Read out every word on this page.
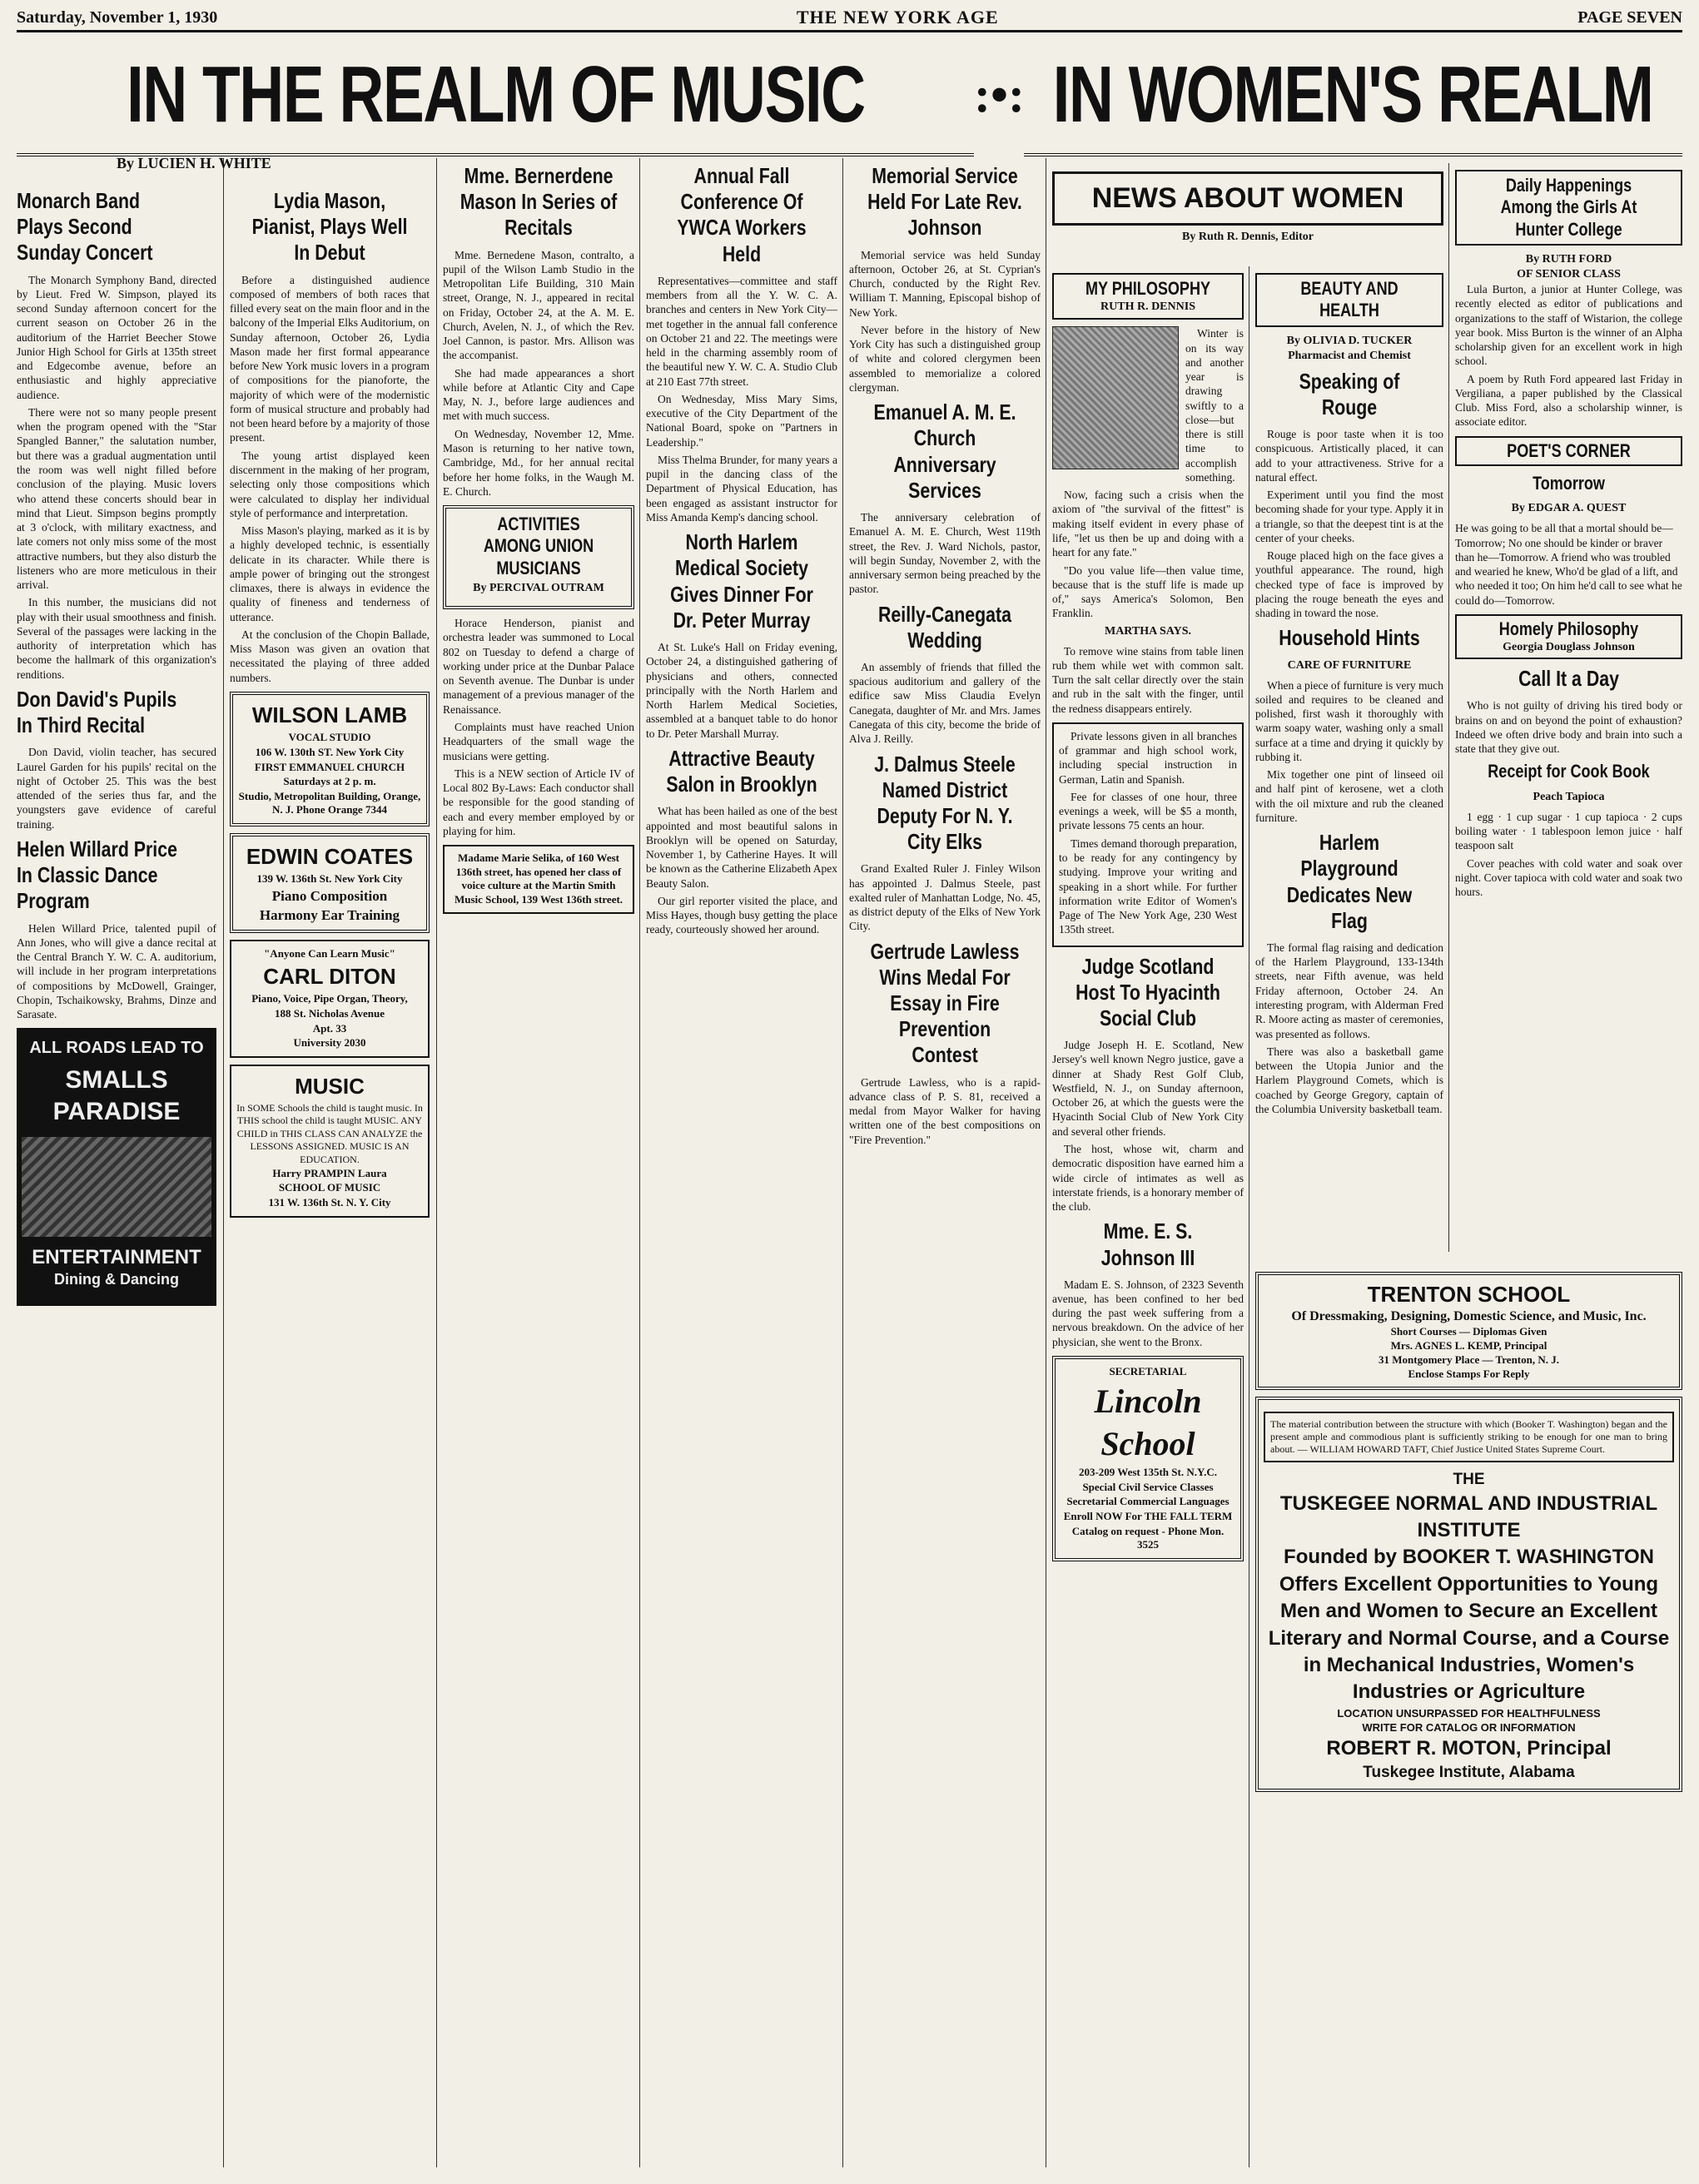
Saturday, November 1, 1930	THE NEW YORK AGE	PAGE SEVEN
IN THE REALM OF MUSIC :•: IN WOMEN'S REALM
Monarch Band Plays Second Sunday Concert

The Monarch Symphony Band, directed by Lieut. Fred W. Simpson, played its second Sunday afternoon concert for the current season on October 26 in the auditorium of the Harriet Beecher Stowe Junior High School for Girls at 135th street and Edgecombe avenue, before an enthusiastic and highly appreciative audience.

There were not so many people present when the program opened with the "Star Spangled Banner," the salutation number, but there was a gradual augmentation until the room was well night filled before conclusion of the playing. Music lovers who attend these concerts should bear in mind that Lieut. Simpson begins promptly at 3 o'clock, with military exactness, and late comers not only miss some of the most attractive numbers, but they also disturb the listeners who are more meticulous in their arrival.

In this number, the musicians did not play with their usual smoothness and finish. Several of the passages were lacking in the authority of interpretation which has become the hallmark of this organization's renditions.

Don David's Pupils In Third Recital

Don David, violin teacher, has secured Laurel Garden for his pupils' recital on the night of October 25. This was the best attended of the series thus far, and the youngsters gave evidence of careful training.

Helen Willard Price In Classic Dance Program

Helen Willard Price, talented pupil of Ann Jones, who will give a dance recital at the Central Branch Y. W. C. A. auditorium, will include in her program interpretations of compositions by McDowell, Grainger, Chopin, Tschaikowsky, Brahms, Dinze and Sarasate.

ALL ROADS LEAD TO
SMALLS PARADISE
ENTERTAINMENT
Dining & Dancing
Lydia Mason, Pianist, Plays Well In Debut

Before a distinguished audience composed of members of both races that filled every seat on the main floor and in the balcony of the Imperial Elks Auditorium, on Sunday afternoon, October 26, Lydia Mason made her first formal appearance before New York music lovers in a program of compositions for the pianoforte, the majority of which were of the modernistic form of musical structure and probably had not been heard before by a majority of those present.

The young artist displayed keen discernment in the making of her program, selecting only those compositions which were calculated to display her individual style of performance and interpretation.

Miss Mason's playing, marked as it is by a highly developed technic, is essentially delicate in its character. While there is ample power of bringing out the strongest climaxes, there is always in evidence the quality of fineness and tenderness of utterance.

At the conclusion of the Chopin Ballade, Miss Mason was given an ovation that necessitated the playing of three added numbers.

WILSON LAMB
VOCAL STUDIO
106 W. 130th ST. New York City
FIRST EMMANUEL CHURCH
Saturdays at 2 p. m.
Studio, Metropolitan Building, Orange, N. J. Phone Orange 7344
EDWIN COATES
139 W. 136th St. New York City
Piano Composition
Harmony Ear Training
"Anyone Can Learn Music"
CARL DITON
Piano, Voice, Pipe Organ, Theory,
188 St. Nicholas Avenue
Apt. 33
University 2030
MUSIC
In SOME Schools the child is taught music. In THIS school the child is taught MUSIC. ANY CHILD in THIS CLASS CAN ANALYZE the LESSONS ASSIGNED. MUSIC IS AN EDUCATION.
Harry PRAMPIN Laura
SCHOOL OF MUSIC
131 W. 136th St. N. Y. City
Mme. Bernerdene Mason In Series of Recitals

Mme. Bernedene Mason, contralto, a pupil of the Wilson Lamb Studio in the Metropolitan Life Building, 310 Main street, Orange, N. J., appeared in recital on Friday, October 24, at the A. M. E. Church, Avelen, N. J., of which the Rev. Joel Cannon, is pastor. Mrs. Allison was the accompanist.

She had made appearances a short while before at Atlantic City and Cape May, N. J., before large audiences and met with much success.

On Wednesday, November 12, Mme. Mason is returning to her native town, Cambridge, Md., for her annual recital before her home folks, in the Waugh M. E. Church.

ACTIVITIES AMONG UNION MUSICIANS
By PERCIVAL OUTRAM

Horace Henderson, pianist and orchestra leader was summoned to Local 802 on Tuesday to defend a charge of working under price at the Dunbar Palace on Seventh avenue. The Dunbar is under management of a previous manager of the Renaissance.

Complaints must have reached Union Headquarters of the small wage the musicians were getting.

This is a NEW section of Article IV of Local 802 By-Laws: Each conductor shall be responsible for the good standing of each and every member employed by or playing for him.

Madame Marie Selika, of 160 West 136th street, has opened her class of voice culture at the Martin Smith Music School, 139 West 136th street.
Annual Fall Conference Of YWCA Workers Held

Representatives—committee and staff members from all the Y. W. C. A. branches and centers in New York City—met together in the annual fall conference on October 21 and 22. The meetings were held in the charming assembly room of the beautiful new Y. W. C. A. Studio Club at 210 East 77th street.

On Wednesday, Miss Mary Sims, executive of the City Department of the National Board, spoke on "Partners in Leadership."

Miss Thelma Brunder, for many years a pupil in the dancing class of the Department of Physical Education, has been engaged as assistant instructor for Miss Amanda Kemp's dancing school.

North Harlem Medical Society Gives Dinner For Dr. Peter Murray

At St. Luke's Hall on Friday evening, October 24, a distinguished gathering of physicians and others, connected principally with the North Harlem and North Harlem Medical Societies, assembled at a banquet table to do honor to Dr. Peter Marshall Murray.

Attractive Beauty Salon in Brooklyn

What has been hailed as one of the best appointed and most beautiful salons in Brooklyn will be opened on Saturday, November 1, by Catherine Hayes. It will be known as the Catherine Elizabeth Apex Beauty Salon.

Our girl reporter visited the place, and Miss Hayes, though busy getting the place ready, courteously showed her around.

Memorial Service Held For Late Rev. Johnson

Memorial service was held Sunday afternoon, October 26, at St. Cyprian's Church, conducted by the Right Rev. William T. Manning, Episcopal bishop of New York.

Never before in the history of New York City has such a distinguished group of white and colored clergymen been assembled to memorialize a colored clergyman.

Emanuel A. M. E. Church Anniversary Services

The anniversary celebration of Emanuel A. M. E. Church, West 119th street, the Rev. J. Ward Nichols, pastor, will begin Sunday, November 2, with the anniversary sermon being preached by the pastor.

Reilly-Canegata Wedding

An assembly of friends that filled the spacious auditorium and gallery of the edifice saw Miss Claudia Evelyn Canegata, daughter of Mr. and Mrs. James Canegata of this city, become the bride of Alva J. Reilly.

J. Dalmus Steele Named District Deputy For N. Y. City Elks

Grand Exalted Ruler J. Finley Wilson has appointed J. Dalmus Steele, past exalted ruler of Manhattan Lodge, No. 45, as district deputy of the Elks of New York City.

Gertrude Lawless Wins Medal For Essay in Fire Prevention Contest

Gertrude Lawless, who is a rapid-advance class of P. S. 81, received a medal from Mayor Walker for having written one of the best compositions on "Fire Prevention."

NEWS ABOUT WOMEN
By Ruth R. Dennis, Editor
MY PHILOSOPHY
RUTH R. DENNIS

Winter is on its way and another year is drawing swiftly to a close—but there is still time to accomplish something.

Now, facing such a crisis when the axiom of "the survival of the fittest" is making itself evident in every phase of life, "let us then be up and doing with a heart for any fate."

"Do you value life—then value time, because that is the stuff life is made up of," says America's Solomon, Ben Franklin.

MARTHA SAYS.

To remove wine stains from table linen rub them while wet with common salt. Turn the salt cellar directly over the stain and rub in the salt with the finger, until the redness disappears entirely.

Private lessons given in all branches of grammar and high school work, including special instruction in German, Latin and Spanish.

Fee for classes of one hour, three evenings a week, will be $5 a month, private lessons 75 cents an hour.

Times demand thorough preparation, to be ready for any contingency by studying. Improve your writing and speaking in a short while. For further information write Editor of Women's Page of The New York Age, 230 West 135th street.

Judge Scotland Host To Hyacinth Social Club

Judge Joseph H. E. Scotland, New Jersey's well known Negro justice, gave a dinner at Shady Rest Golf Club, Westfield, N. J., on Sunday afternoon, October 26, at which the guests were the Hyacinth Social Club of New York City and several other friends.

The host, whose wit, charm and democratic disposition have earned him a wide circle of intimates as well as interstate friends, is a honorary member of the club.

Mme. E. S. Johnson III

Madam E. S. Johnson, of 2323 Seventh avenue, has been confined to her bed during the past week suffering from a nervous breakdown. On the advice of her physician, she went to the Bronx.

SECRETARIAL
Lincoln School
203-209 West 135th St. N.Y.C.
Special Civil Service Classes
Secretarial Commercial Languages
Enroll NOW For THE FALL TERM
Catalog on request - Phone Mon. 3525
BEAUTY AND HEALTH
By OLIVIA D. TUCKER
Pharmacist and Chemist
Speaking of Rouge

Rouge is poor taste when it is too conspicuous. Artistically placed, it can add to your attractiveness. Strive for a natural effect.

Experiment until you find the most becoming shade for your type. Apply it in a triangle, so that the deepest tint is at the center of your cheeks.

Rouge placed high on the face gives a youthful appearance. The round, high checked type of face is improved by placing the rouge beneath the eyes and shading in toward the nose.

Household Hints
CARE OF FURNITURE

When a piece of furniture is very much soiled and requires to be cleaned and polished, first wash it thoroughly with warm soapy water, washing only a small surface at a time and drying it quickly by rubbing it.

Mix together one pint of linseed oil and half pint of kerosene, wet a cloth with the oil mixture and rub the cleaned furniture.

Harlem Playground Dedicates New Flag

The formal flag raising and dedication of the Harlem Playground, 133-134th streets, near Fifth avenue, was held Friday afternoon, October 24. An interesting program, with Alderman Fred R. Moore acting as master of ceremonies, was presented as follows.

There was also a basketball game between the Utopia Junior and the Harlem Playground Comets, which is coached by George Gregory, captain of the Columbia University basketball team.

Daily Happenings Among the Girls At Hunter College
By RUTH FORD
OF SENIOR CLASS

Lula Burton, a junior at Hunter College, was recently elected as editor of publications and organizations to the staff of Wistarion, the college year book. Miss Burton is the winner of an Alpha scholarship given for an excellent work in high school.

A poem by Ruth Ford appeared last Friday in Vergiliana, a paper published by the Classical Club. Miss Ford, also a scholarship winner, is associate editor.

POET'S CORNER
Tomorrow
By EDGAR A. QUEST

He was going to be all that a mortal should be—Tomorrow; No one should be kinder or braver than he—Tomorrow. A friend who was troubled and wearied he knew, Who'd be glad of a lift, and who needed it too; On him he'd call to see what he could do—Tomorrow.

Homely Philosophy
Georgia Douglass Johnson
Call It a Day

Who is not guilty of driving his tired body or brains on and on beyond the point of exhaustion? Indeed we often drive body and brain into such a state that they give out.

Receipt for Cook Book
Peach Tapioca

1 egg · 1 cup sugar · 1 cup tapioca · 2 cups boiling water · 1 tablespoon lemon juice · half teaspoon salt

Cover peaches with cold water and soak over night. Cover tapioca with cold water and soak two hours.

TRENTON SCHOOL
Of Dressmaking, Designing, Domestic Science, and Music, Inc.
Short Courses — Diplomas Given
Mrs. AGNES L. KEMP, Principal
31 Montgomery Place — Trenton, N. J.
Enclose Stamps For Reply
The material contribution between the structure with which (Booker T. Washington) began and the present ample and commodious plant is sufficiently striking to be enough for one man to bring about. — WILLIAM HOWARD TAFT, Chief Justice United States Supreme Court.
THE
TUSKEGEE NORMAL AND INDUSTRIAL INSTITUTE
Founded by BOOKER T. WASHINGTON
Offers Excellent Opportunities to Young Men and Women to Secure an Excellent Literary and Normal Course, and a Course in Mechanical Industries, Women's Industries or Agriculture
LOCATION UNSURPASSED FOR HEALTHFULNESS
WRITE FOR CATALOG OR INFORMATION
ROBERT R. MOTON, Principal
Tuskegee Institute, Alabama
By LUCIEN H. WHITE
